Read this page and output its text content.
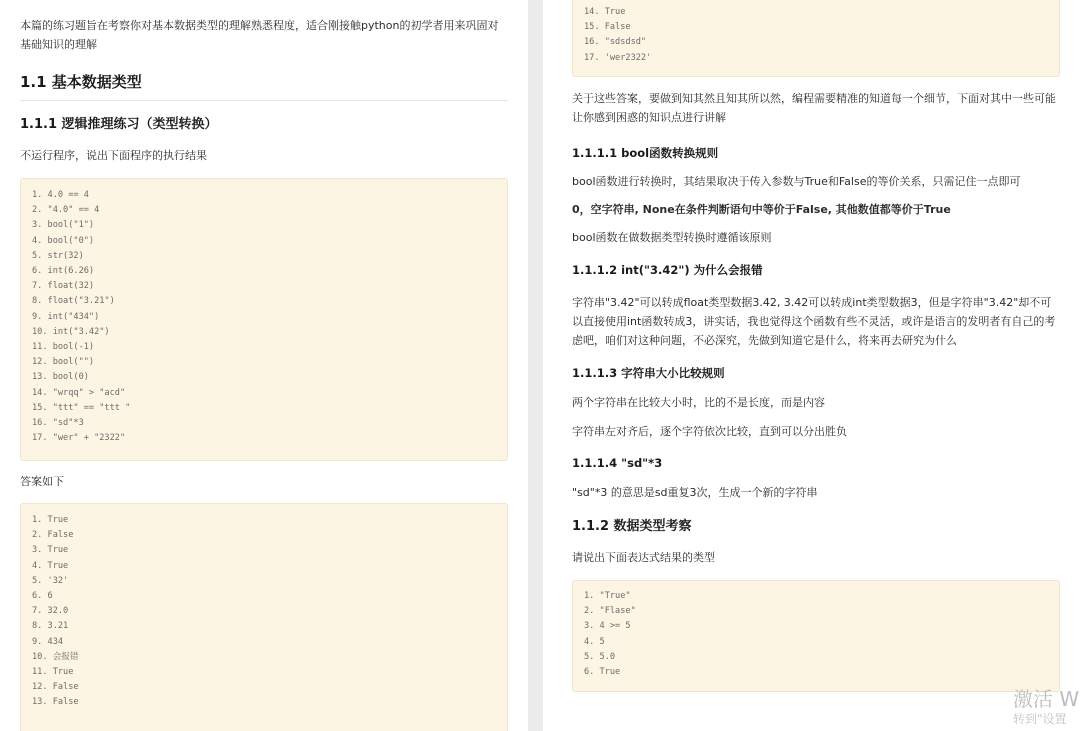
本篇的练习题旨在考察你对基本数据类型的理解熟悉程度，适合刚接触python的初学者用来巩固对基础知识的理解

1.1 基本数据类型
1.1.1 逻辑推理练习（类型转换）

不运行程序，说出下面程序的执行结果

1. 4.0 == 4
2. "4.0" == 4
3. bool("1")
4. bool("0")
5. str(32)
6. int(6.26)
7. float(32)
8. float("3.21")
9. int("434")
10. int("3.42")
11. bool(-1)
12. bool("")
13. bool(0)
14. "wrqq" > "acd"
15. "ttt" == "ttt "
16. "sd"*3
17. "wer" + "2322"

答案如下

1. True
2. False
3. True
4. True
5. '32'
6. 6
7. 32.0
8. 3.21
9. 434
10. 会报错
11. True
12. False
13. False
14. True
15. False
16. "sdsdsd"
17. 'wer2322'

关于这些答案，要做到知其然且知其所以然，编程需要精准的知道每一个细节，下面对其中一些可能让你感到困惑的知识点进行讲解

1.1.1.1 bool函数转换规则

bool函数进行转换时，其结果取决于传入参数与True和False的等价关系，只需记住一点即可

0，空字符串, None在条件判断语句中等价于False, 其他数值都等价于True

bool函数在做数据类型转换时遵循该原则

1.1.1.2 int("3.42") 为什么会报错

字符串"3.42"可以转成float类型数据3.42, 3.42可以转成int类型数据3，但是字符串"3.42"却不可以直接使用int函数转成3，讲实话，我也觉得这个函数有些不灵活，或许是语言的发明者有自己的考虑吧，咱们对这种问题，不必深究，先做到知道它是什么，将来再去研究为什么

1.1.1.3 字符串大小比较规则

两个字符串在比较大小时，比的不是长度，而是内容

字符串左对齐后，逐个字符依次比较，直到可以分出胜负

1.1.1.4 "sd"*3

"sd"*3 的意思是sd重复3次，生成一个新的字符串

1.1.2 数据类型考察

请说出下面表达式结果的类型

1. "True"
2. "Flase"
3. 4 >= 5
4. 5
5. 5.0
6. True
激活 W
转到"设置
